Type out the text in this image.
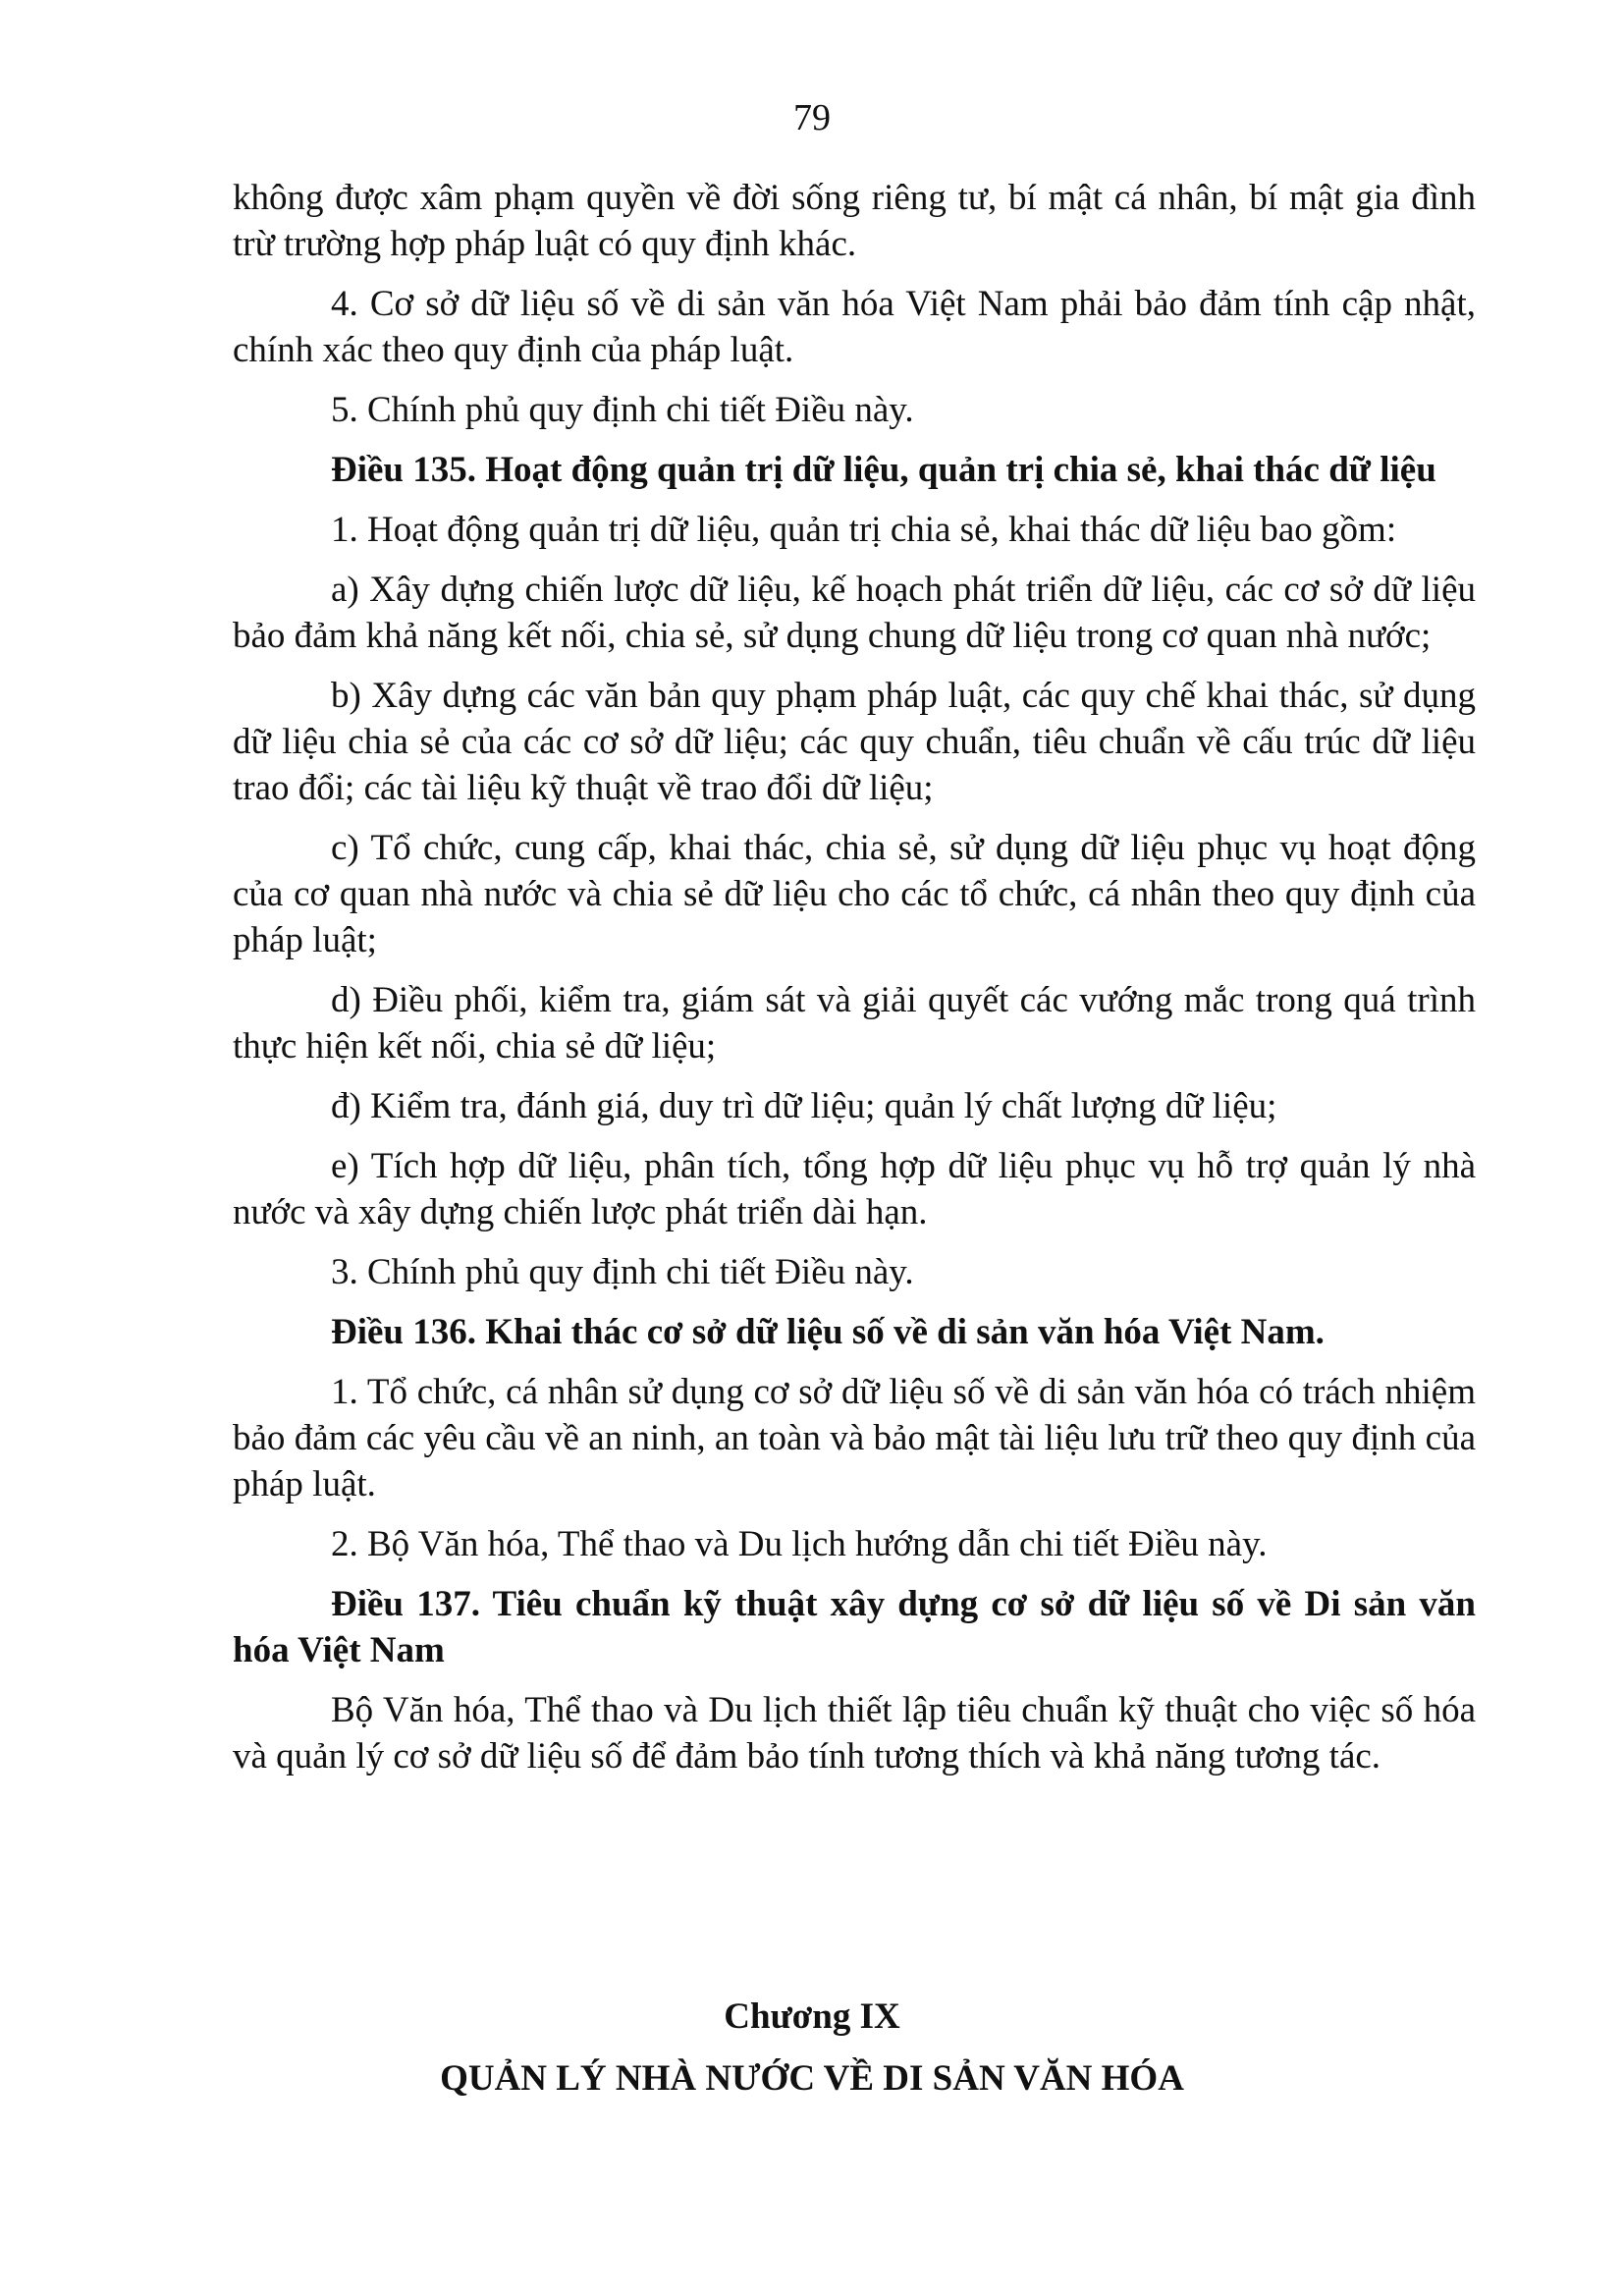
79

không được xâm phạm quyền về đời sống riêng tư, bí mật cá nhân, bí mật gia đình trừ trường hợp pháp luật có quy định khác.

4. Cơ sở dữ liệu số về di sản văn hóa Việt Nam phải bảo đảm tính cập nhật, chính xác theo quy định của pháp luật.

5. Chính phủ quy định chi tiết Điều này.

Điều 135. Hoạt động quản trị dữ liệu, quản trị chia sẻ, khai thác dữ liệu

1. Hoạt động quản trị dữ liệu, quản trị chia sẻ, khai thác dữ liệu bao gồm:

a) Xây dựng chiến lược dữ liệu, kế hoạch phát triển dữ liệu, các cơ sở dữ liệu bảo đảm khả năng kết nối, chia sẻ, sử dụng chung dữ liệu trong cơ quan nhà nước;

b) Xây dựng các văn bản quy phạm pháp luật, các quy chế khai thác, sử dụng dữ liệu chia sẻ của các cơ sở dữ liệu; các quy chuẩn, tiêu chuẩn về cấu trúc dữ liệu trao đổi; các tài liệu kỹ thuật về trao đổi dữ liệu;

c) Tổ chức, cung cấp, khai thác, chia sẻ, sử dụng dữ liệu phục vụ hoạt động của cơ quan nhà nước và chia sẻ dữ liệu cho các tổ chức, cá nhân theo quy định của pháp luật;

d) Điều phối, kiểm tra, giám sát và giải quyết các vướng mắc trong quá trình thực hiện kết nối, chia sẻ dữ liệu;

đ) Kiểm tra, đánh giá, duy trì dữ liệu; quản lý chất lượng dữ liệu;

e) Tích hợp dữ liệu, phân tích, tổng hợp dữ liệu phục vụ hỗ trợ quản lý nhà nước và xây dựng chiến lược phát triển dài hạn.

3. Chính phủ quy định chi tiết Điều này.

Điều 136. Khai thác cơ sở dữ liệu số về di sản văn hóa Việt Nam.

1. Tổ chức, cá nhân sử dụng cơ sở dữ liệu số về di sản văn hóa có trách nhiệm bảo đảm các yêu cầu về an ninh, an toàn và bảo mật tài liệu lưu trữ theo quy định của pháp luật.

2. Bộ Văn hóa, Thể thao và Du lịch hướng dẫn chi tiết Điều này.

Điều 137. Tiêu chuẩn kỹ thuật xây dựng cơ sở dữ liệu số về Di sản văn hóa Việt Nam

Bộ Văn hóa, Thể thao và Du lịch thiết lập tiêu chuẩn kỹ thuật cho việc số hóa và quản lý cơ sở dữ liệu số để đảm bảo tính tương thích và khả năng tương tác.

Chương IX
QUẢN LÝ NHÀ NƯỚC VỀ DI SẢN VĂN HÓA
